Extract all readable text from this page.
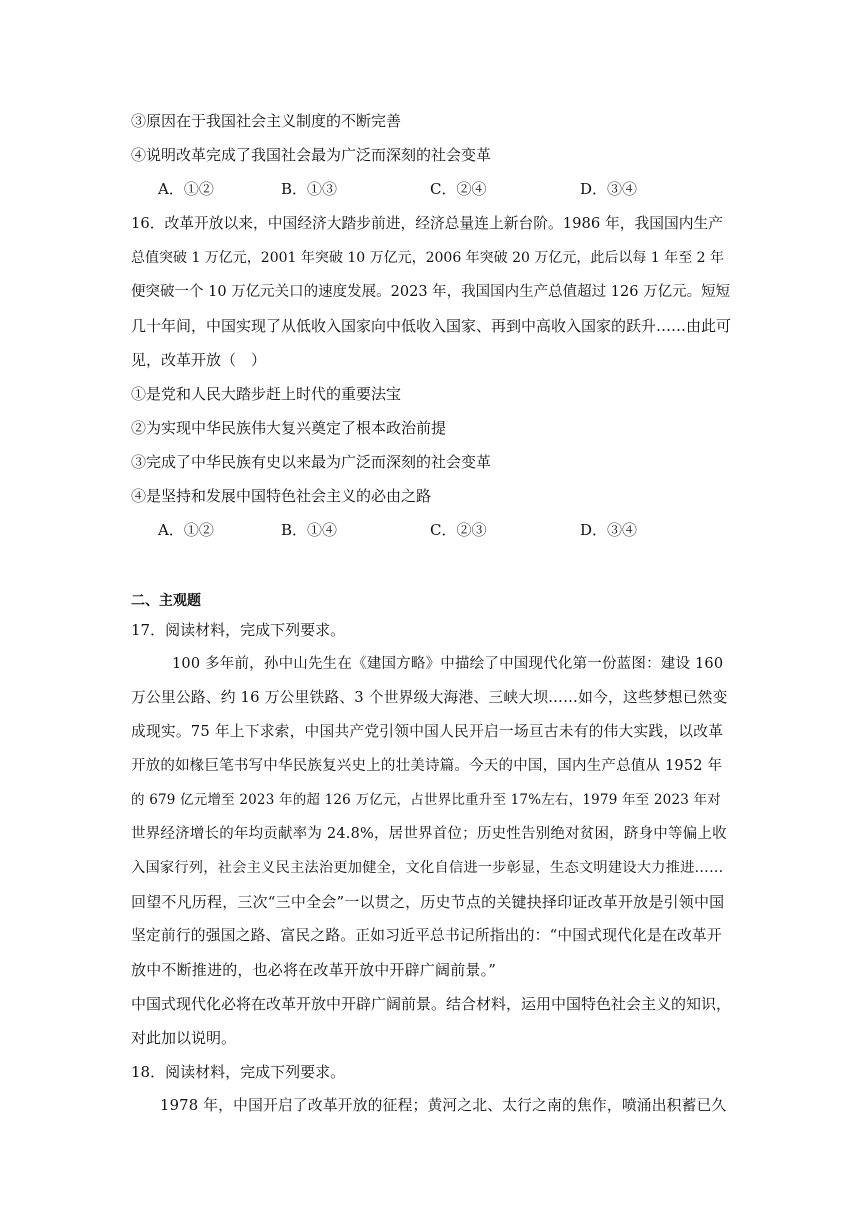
③原因在于我国社会主义制度的不断完善
④说明改革完成了我国社会最为广泛而深刻的社会变革
A．①②	B．①③	C．②④	D．③④
16．改革开放以来，中国经济大踏步前进，经济总量连上新台阶。1986 年，我国国内生产
总值突破 1 万亿元，2001 年突破 10 万亿元，2006 年突破 20 万亿元，此后以每 1 年至 2 年
便突破一个 10 万亿元关口的速度发展。2023 年，我国国内生产总值超过 126 万亿元。短短
几十年间，中国实现了从低收入国家向中低收入国家、再到中高收入国家的跃升……由此可
见，改革开放（　）
①是党和人民大踏步赶上时代的重要法宝
②为实现中华民族伟大复兴奠定了根本政治前提
③完成了中华民族有史以来最为广泛而深刻的社会变革
④是坚持和发展中国特色社会主义的必由之路
A．①②	B．①④	C．②③	D．③④
二、主观题
17．阅读材料，完成下列要求。
100 多年前，孙中山先生在《建国方略》中描绘了中国现代化第一份蓝图：建设 160
万公里公路、约 16 万公里铁路、3 个世界级大海港、三峡大坝……如今，这些梦想已然变
成现实。75 年上下求索，中国共产党引领中国人民开启一场亘古未有的伟大实践，以改革
开放的如椽巨笔书写中华民族复兴史上的壮美诗篇。今天的中国，国内生产总值从 1952 年
的 679 亿元增至 2023 年的超 126 万亿元，占世界比重升至 17%左右，1979 年至 2023 年对
世界经济增长的年均贡献率为 24.8%，居世界首位；历史性告别绝对贫困，跻身中等偏上收
入国家行列，社会主义民主法治更加健全，文化自信进一步彰显，生态文明建设大力推进……
回望不凡历程，三次“三中全会”一以贯之，历史节点的关键抉择印证改革开放是引领中国
坚定前行的强国之路、富民之路。正如习近平总书记所指出的：“中国式现代化是在改革开
放中不断推进的，也必将在改革开放中开辟广阔前景。”
中国式现代化必将在改革开放中开辟广阔前景。结合材料，运用中国特色社会主义的知识，
对此加以说明。
18．阅读材料，完成下列要求。
1978 年，中国开启了改革开放的征程；黄河之北、太行之南的焦作，喷涌出积蓄已久
